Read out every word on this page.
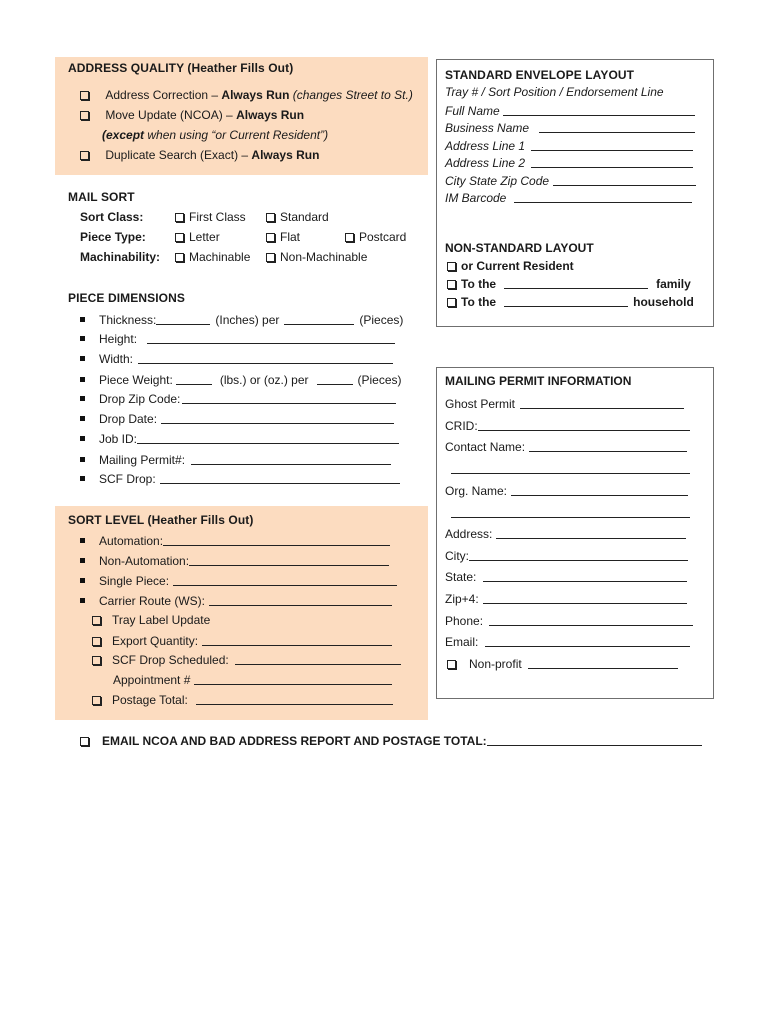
ADDRESS QUALITY (Heather Fills Out)
Address Correction – Always Run (changes Street to St.)
Move Update (NCOA) – Always Run
(except when using “or Current Resident”)
Duplicate Search (Exact) – Always Run
MAIL SORT
Sort Class:	First Class	Standard
Piece Type:	Letter	Flat	Postcard
Machinability:	Machinable	Non-Machinable
PIECE DIMENSIONS
Thickness:	(Inches) per	(Pieces)
Height:
Width:
Piece Weight:	(lbs.) or (oz.) per	(Pieces)
Drop Zip Code:
Drop Date:
Job ID:
Mailing Permit#:
SCF Drop:
SORT LEVEL (Heather Fills Out)
Automation:
Non-Automation:
Single Piece:
Carrier Route (WS):
Tray Label Update
Export Quantity:
SCF Drop Scheduled:
Appointment #
Postage Total:
STANDARD ENVELOPE LAYOUT
Tray # / Sort Position / Endorsement Line
Full Name
Business Name
Address Line 1
Address Line 2
City State Zip Code
IM Barcode
NON-STANDARD LAYOUT
or Current Resident
To the	family
To the	household
MAILING PERMIT INFORMATION
Ghost Permit
CRID:
Contact Name:
Org. Name:
Address:
City:
State:
Zip+4:
Phone:
Email:
Non-profit
EMAIL NCOA AND BAD ADDRESS REPORT AND POSTAGE TOTAL:
